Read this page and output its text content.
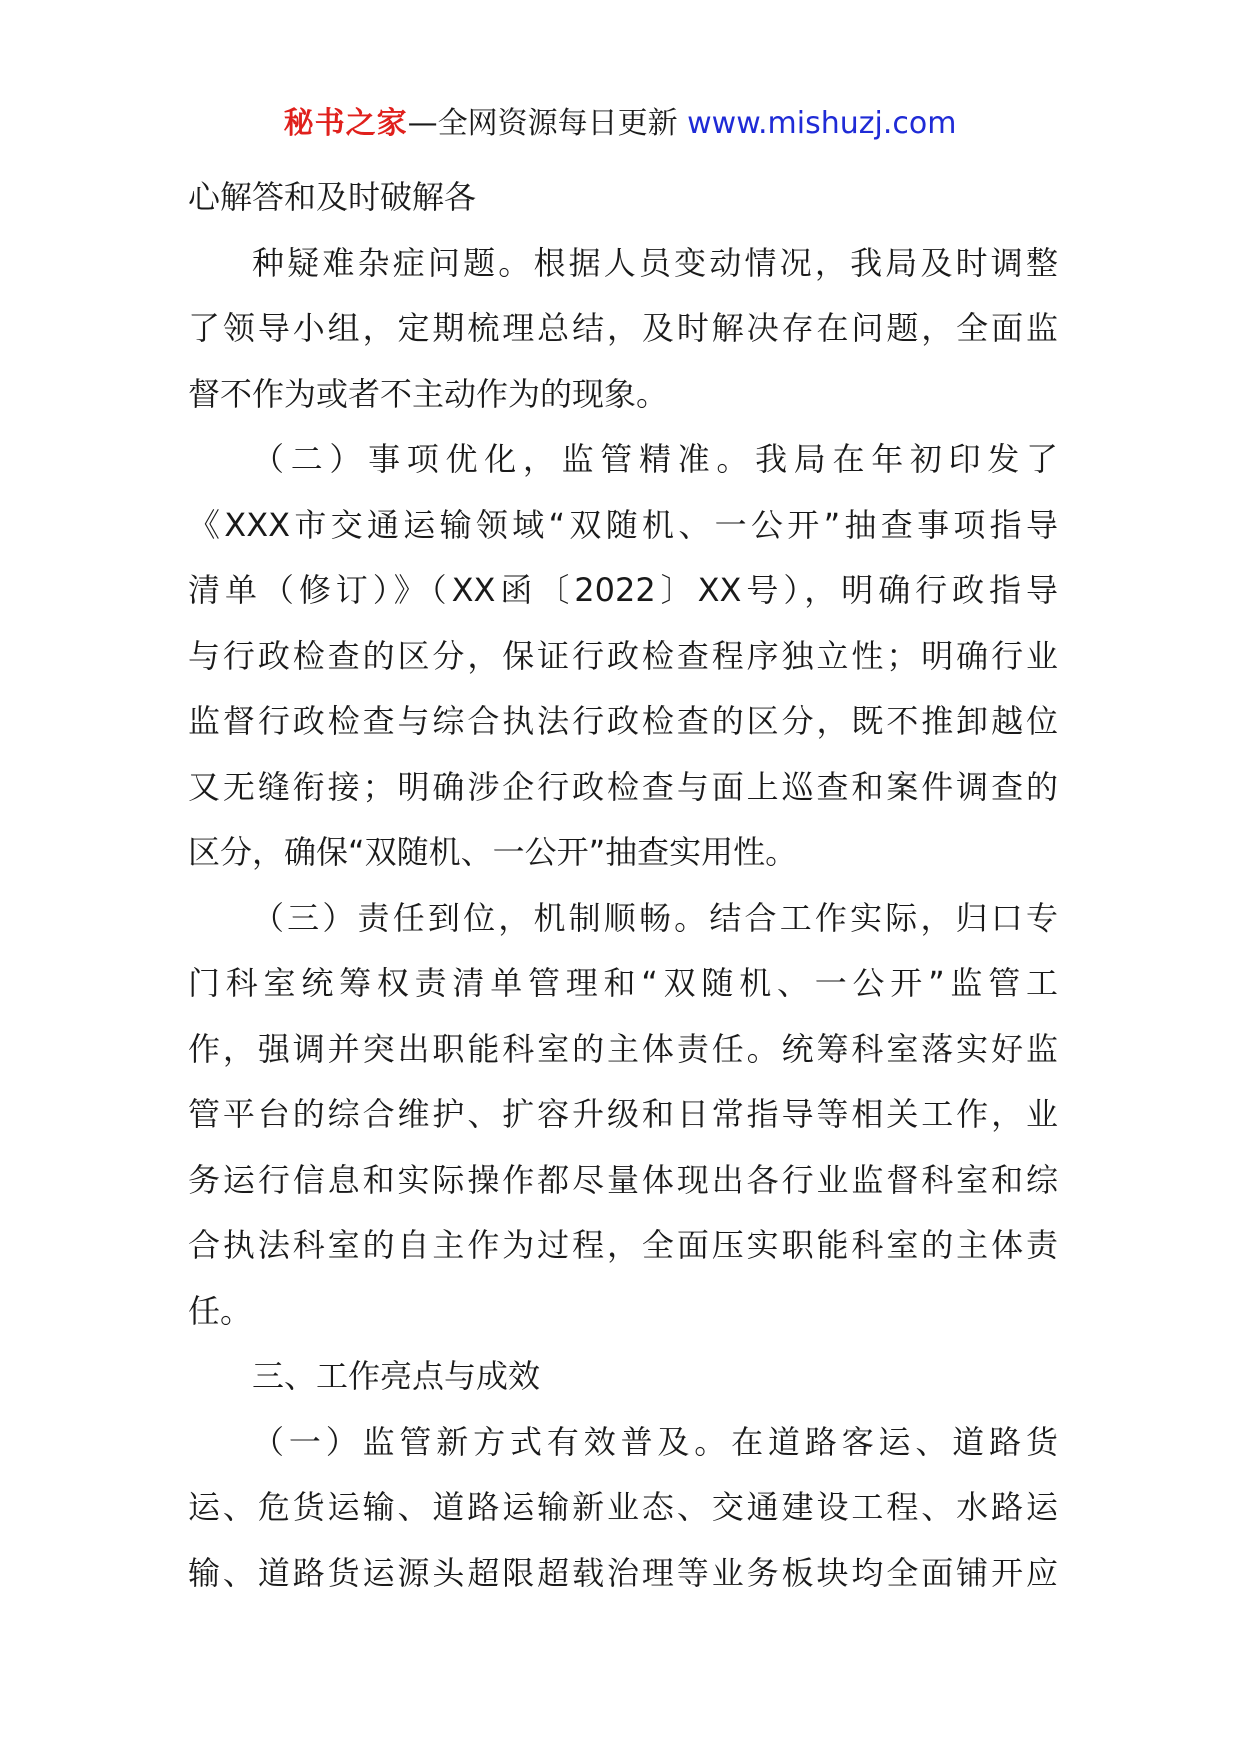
秘书之家—全网资源每日更新 www.mishuzj.com
心解答和及时破解各
种疑难杂症问题。根据人员变动情况，我局及时调整
了领导小组，定期梳理总结，及时解决存在问题，全面监
督不作为或者不主动作为的现象。
（二）事项优化，监管精准。我局在年初印发了
《XXX市交通运输领域“双随机、一公开”抽查事项指导
清单（修订）》（XX函〔2022〕XX号），明确行政指导
与行政检查的区分，保证行政检查程序独立性；明确行业
监督行政检查与综合执法行政检查的区分，既不推卸越位
又无缝衔接；明确涉企行政检查与面上巡查和案件调查的
区分，确保“双随机、一公开”抽查实用性。
（三）责任到位，机制顺畅。结合工作实际，归口专
门科室统筹权责清单管理和“双随机、一公开”监管工
作，强调并突出职能科室的主体责任。统筹科室落实好监
管平台的综合维护、扩容升级和日常指导等相关工作，业
务运行信息和实际操作都尽量体现出各行业监督科室和综
合执法科室的自主作为过程，全面压实职能科室的主体责
任。
三、工作亮点与成效
（一）监管新方式有效普及。在道路客运、道路货
运、危货运输、道路运输新业态、交通建设工程、水路运
输、道路货运源头超限超载治理等业务板块均全面铺开应
